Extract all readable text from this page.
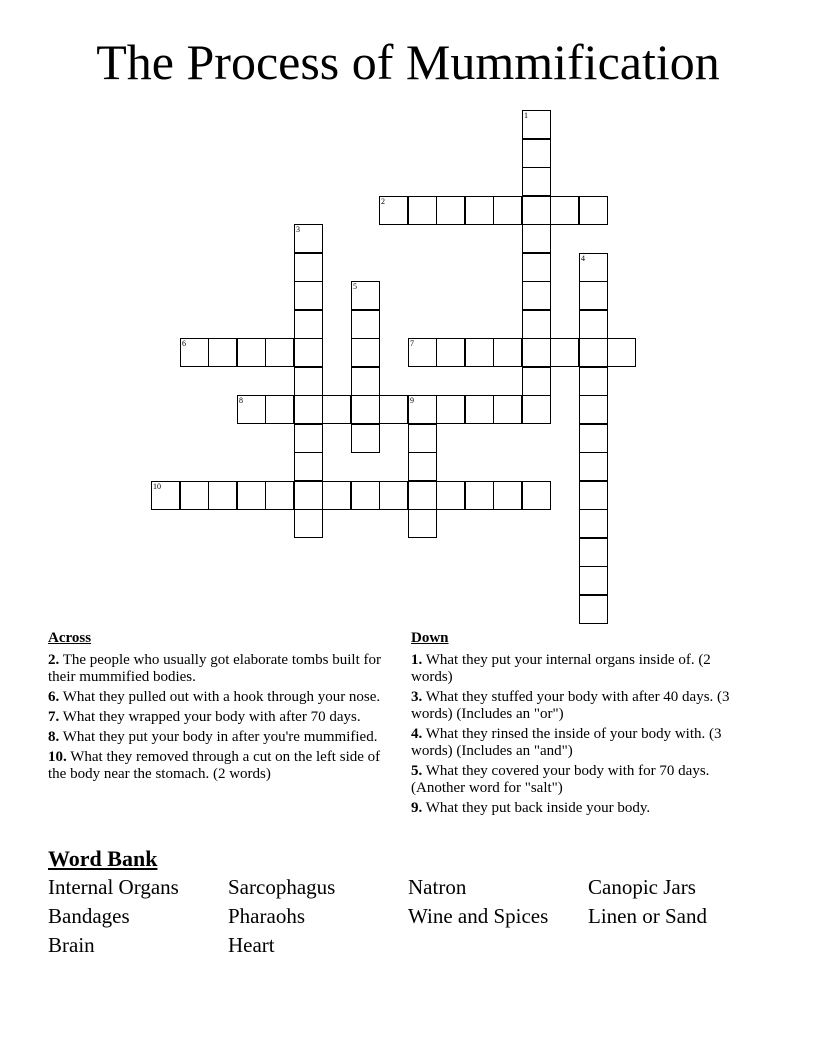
The Process of Mummification
1
2
3
4
5
6	7
8	9
10
Across
2. The people who usually got elaborate tombs built for their mummified bodies.
6. What they pulled out with a hook through your nose.
7. What they wrapped your body with after 70 days.
8. What they put your body in after you're mummified.
10. What they removed through a cut on the left side of the body near the stomach. (2 words)
Down
1. What they put your internal organs inside of. (2 words)
3. What they stuffed your body with after 40 days. (3 words) (Includes an "or")
4. What they rinsed the inside of your body with. (3 words) (Includes an "and")
5. What they covered your body with for 70 days. (Another word for "salt")
9. What they put back inside your body.
Word Bank
Internal Organs	Sarcophagus	Natron	Canopic Jars
Bandages	Pharaohs	Wine and Spices	Linen or Sand
Brain	Heart
